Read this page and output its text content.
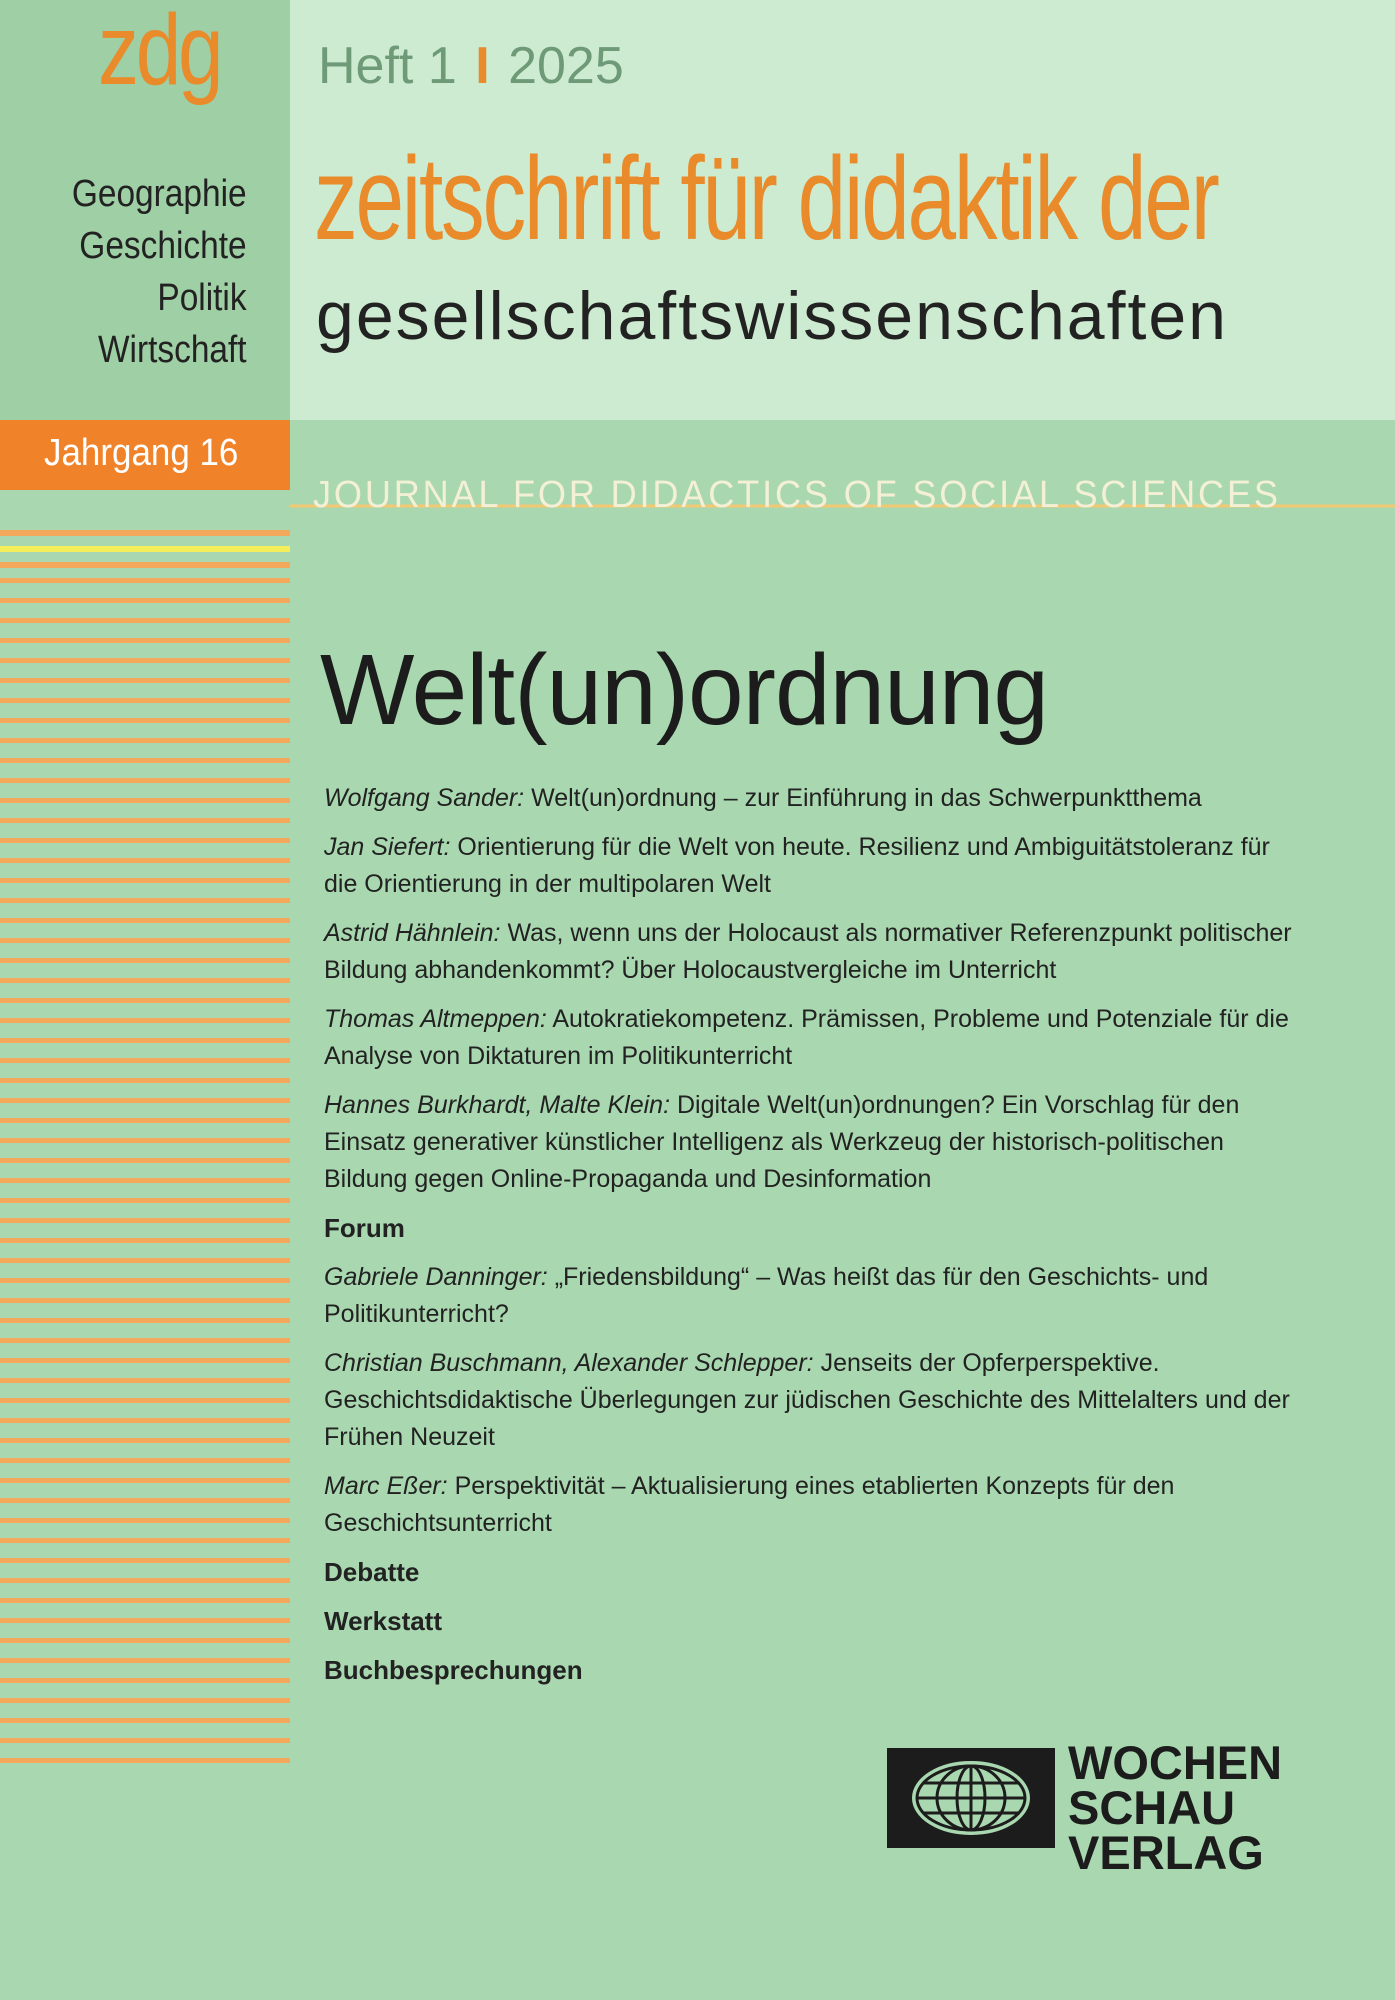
zdg
Geographie
Geschichte
Politik
Wirtschaft
Heft 1 I 2025
zeitschrift für didaktik der
gesellschaftswissenschaften
Jahrgang 16
JOURNAL FOR DIDACTICS OF SOCIAL SCIENCES
Welt(un)ordnung
Wolfgang Sander: Welt(un)ordnung – zur Einführung in das Schwerpunktthema
Jan Siefert: Orientierung für die Welt von heute. Resilienz und Ambiguitätstoleranz für die Orientierung in der multipolaren Welt
Astrid Hähnlein: Was, wenn uns der Holocaust als normativer Referenzpunkt politischer Bildung abhandenkommt? Über Holocaustvergleiche im Unterricht
Thomas Altmeppen: Autokratiekompetenz. Prämissen, Probleme und Potenziale für die Analyse von Diktaturen im Politikunterricht
Hannes Burkhardt, Malte Klein: Digitale Welt(un)ordnungen? Ein Vorschlag für den Einsatz generativer künstlicher Intelligenz als Werkzeug der historisch-politischen Bildung gegen Online-Propaganda und Desinformation
Forum
Gabriele Danninger: „Friedensbildung“ – Was heißt das für den Geschichts- und Politikunterricht?
Christian Buschmann, Alexander Schlepper: Jenseits der Opferperspektive. Geschichtsdidaktische Überlegungen zur jüdischen Geschichte des Mittelalters und der Frühen Neuzeit
Marc Eßer: Perspektivität – Aktualisierung eines etablierten Konzepts für den Geschichtsunterricht
Debatte
Werkstatt
Buchbesprechungen
WOCHEN
SCHAU
VERLAG
